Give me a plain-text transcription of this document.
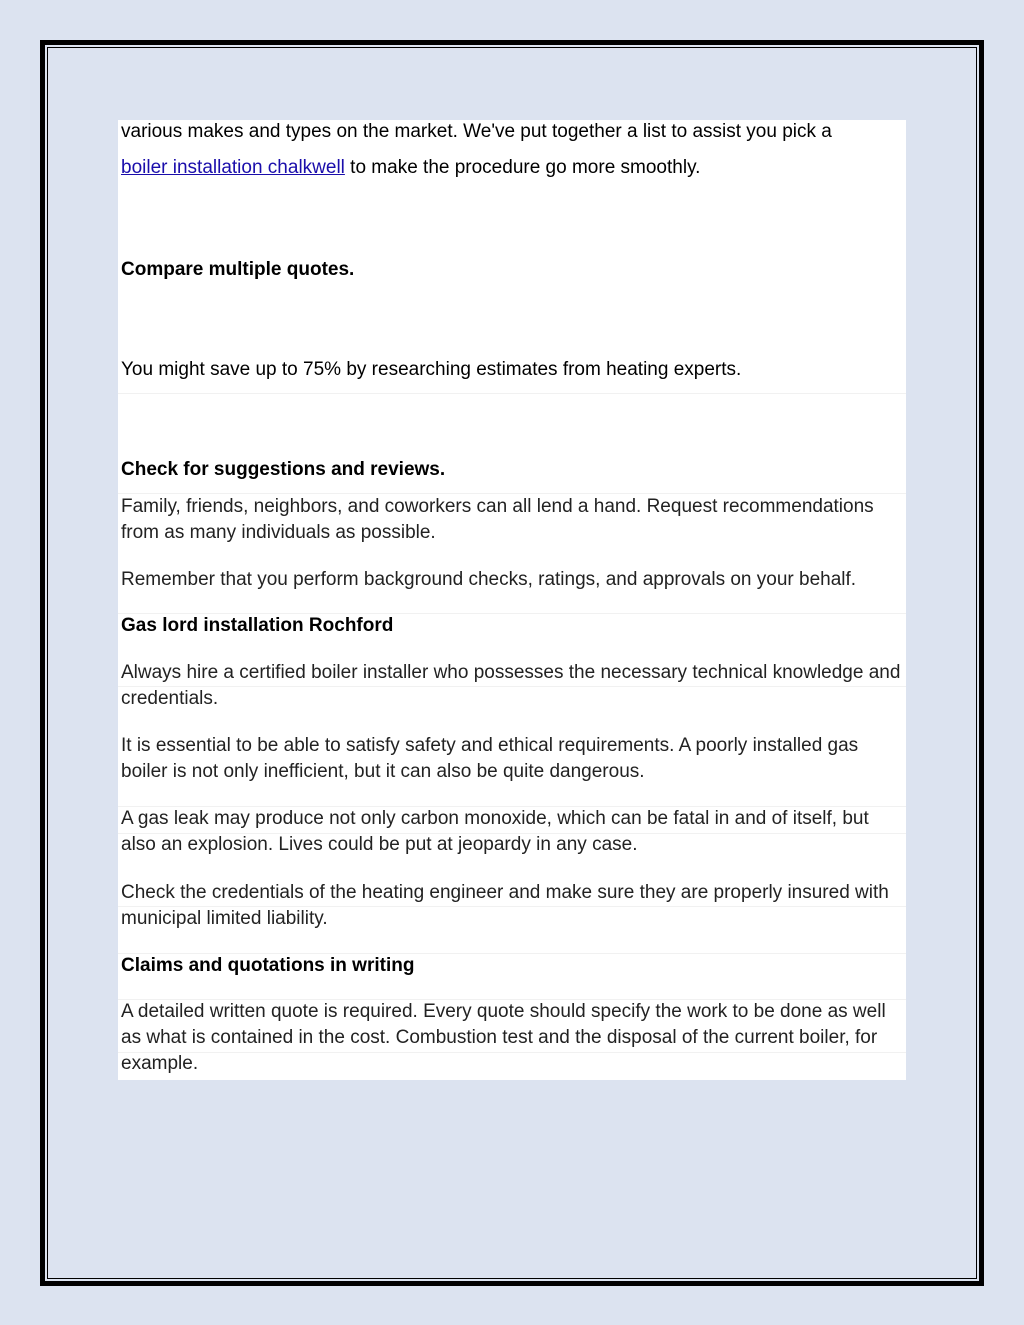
various makes and types on the market. We've put together a list to assist you pick a

boiler installation chalkwell to make the procedure go more smoothly.

Compare multiple quotes.

You might save up to 75% by researching estimates from heating experts.

Check for suggestions and reviews.

Family, friends, neighbors, and coworkers can all lend a hand. Request recommendations from as many individuals as possible.

Remember that you perform background checks, ratings, and approvals on your behalf.

Gas lord installation Rochford

Always hire a certified boiler installer who possesses the necessary technical knowledge and credentials.

It is essential to be able to satisfy safety and ethical requirements. A poorly installed gas boiler is not only inefficient, but it can also be quite dangerous.

A gas leak may produce not only carbon monoxide, which can be fatal in and of itself, but also an explosion. Lives could be put at jeopardy in any case.

Check the credentials of the heating engineer and make sure they are properly insured with municipal limited liability.

Claims and quotations in writing

A detailed written quote is required. Every quote should specify the work to be done as well as what is contained in the cost. Combustion test and the disposal of the current boiler, for example.
